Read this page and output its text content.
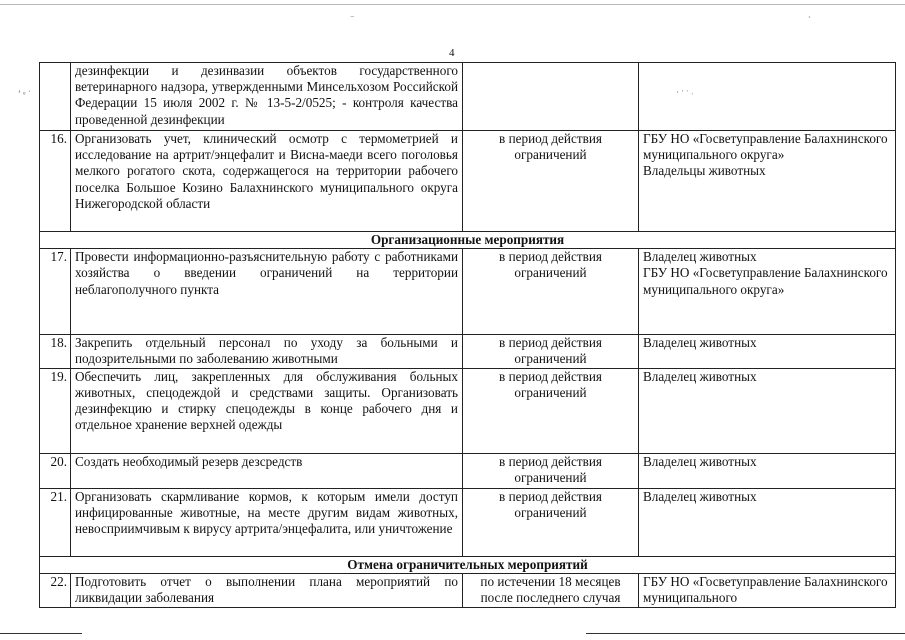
ʼ ᵉ ˈ
⁻	ˋ
· ˑ ˑ ˒
4
	дезинфекции и дезинвазии объектов государственного ветеринарного надзора, утвержденными Минсельхозом Российской Федерации 15 июля 2002 г. № 13-5-2/0525; - контроля качества проведенной дезинфекции		
16.	Организовать учет, клинический осмотр с термометрией и исследование на артрит/энцефалит и Висна-маеди всего поголовья мелкого рогатого скота, содержащегося на территории рабочего поселка Большое Козино Балахнинского муниципального округа Нижегородской области	в период действия ограничений	ГБУ НО «Госветуправление Балахнинского муниципального округа»
Владельцы животных

Организационные мероприятия			
17.	Провести информационно-разъяснительную работу с работниками хозяйства о введении ограничений на территории неблагополучного пункта	в период действия ограничений	Владелец животных
ГБУ НО «Госветуправление Балахнинского муниципального округа»

18.	Закрепить отдельный персонал по уходу за больными и подозрительными по заболеванию животными	в период действия ограничений	Владелец животных

19.	Обеспечить лиц, закрепленных для обслуживания больных животных, спецодеждой и средствами защиты. Организовать дезинфекцию и стирку спецодежды в конце рабочего дня и отдельное хранение верхней одежды	в период действия ограничений	Владелец животных

20.	Создать необходимый резерв дезсредств	в период действия ограничений	Владелец животных

21.	Организовать скармливание кормов, к которым имели доступ инфицированные животные, на месте другим видам животных, невосприимчивым к вирусу артрита/энцефалита, или уничтожение	в период действия ограничений	Владелец животных

Отмена ограничительных мероприятий			
22.	Подготовить отчет о выполнении плана мероприятий по ликвидации заболевания	по истечении 18 месяцев после последнего случая	ГБУ НО «Госветуправление Балахнинского муниципального
